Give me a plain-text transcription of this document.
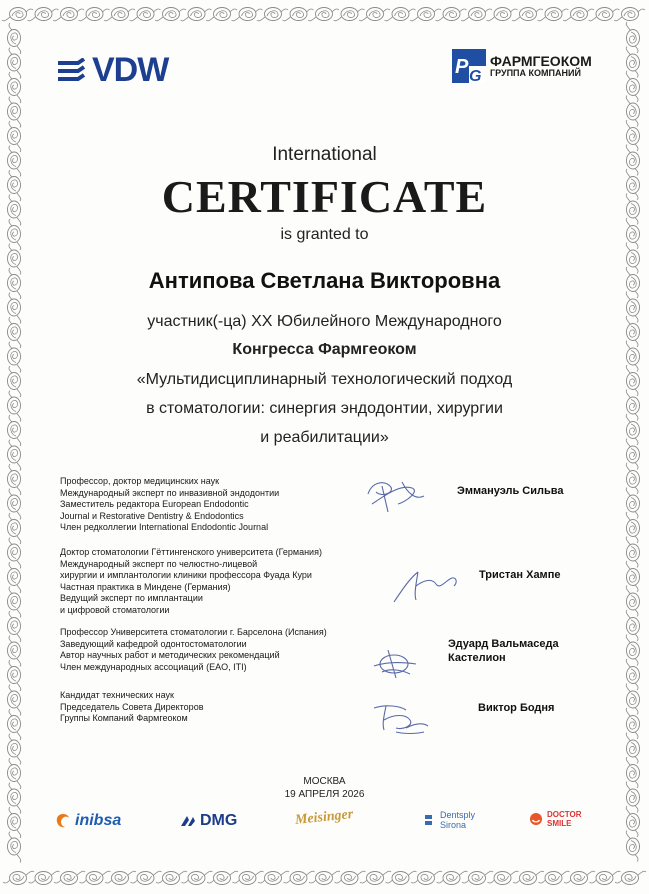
VDW	P G
ФАРМГЕОКОМ
ГРУППА КОМПАНИЙ
International
CERTIFICATE
is granted to
Антипова Светлана Викторовна
участник(-ца) XX Юбилейного Международного
Конгресса Фармгеоком
«Мультидисциплинарный технологический подход
в стоматологии: синергия эндодонтии, хирургии
и реабилитации»
Профессор, доктор медицинских наук
Международный эксперт по инвазивной эндодонтии
Заместитель редактора European Endodontic
Journal и Restorative Dentistry & Endodontics
Член редколлегии International Endodontic Journal
Эммануэль Сильва
Доктор стоматологии Гёттингенского университета (Германия)
Международный эксперт по челюстно-лицевой
хирургии и имплантологии клиники профессора Фуада Кури
Частная практика в Миндене (Германия)
Ведущий эксперт по имплантации
и цифровой стоматологии
Тристан Хампе
Профессор Университета стоматологии г. Барселона (Испания)
Заведующий кафедрой одонтостоматологии
Автор научных работ и методических рекомендаций
Член международных ассоциаций (EAO, ITI)
Эдуард Вальмаседа
Кастелион
Кандидат технических наук
Председатель Совета Директоров
Группы Компаний Фармгеоком
Виктор Бодня
МОСКВА
19 АПРЕЛЯ 2026
inibsa	DMG	Meisinger	Dentsply
Sirona
DOCTOR
SMILE
